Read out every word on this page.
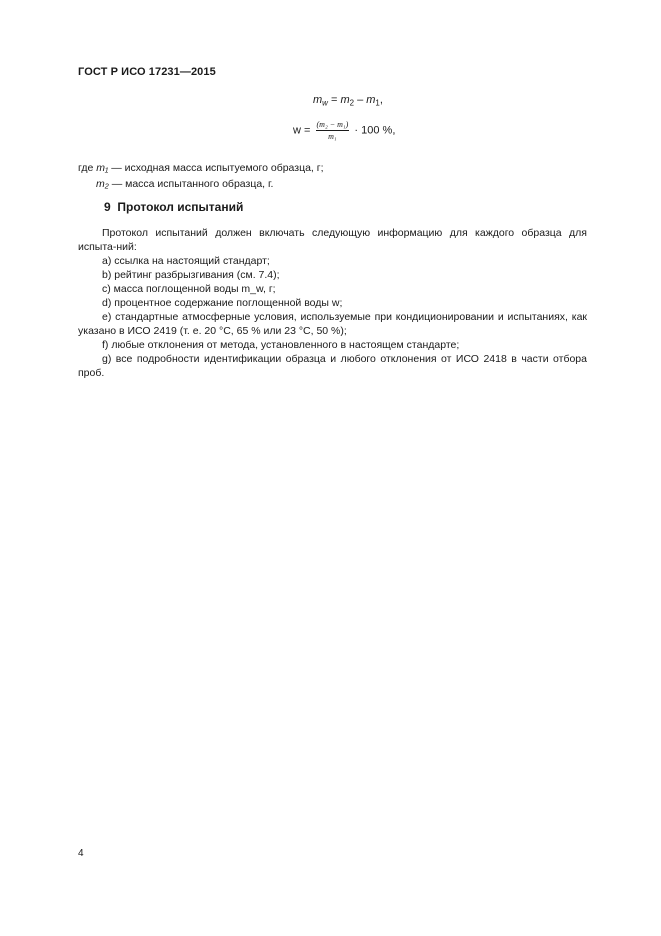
ГОСТ Р ИСО 17231—2015
$m_w = m_2 - m_1$,
$w = \frac{\text{(m₂ − m₁)}}{\text{m₁}} \cdot 100$ %,
где m₁ — исходная масса испытуемого образца, г;
m₂ — масса испытанного образца, г.
9 Протокол испытаний

Протокол испытаний должен включать следующую информацию для каждого образца для испыта-ний:

a) ссылка на настоящий стандарт;

b) рейтинг разбрызгивания (см. 7.4);

c) масса поглощенной воды m_w, г;

d) процентное содержание поглощенной воды w;

e) стандартные атмосферные условия, используемые при кондиционировании и испытаниях, как указано в ИСО 2419 (т. е. 20 °С, 65 % или 23 °С, 50 %);

f) любые отклонения от метода, установленного в настоящем стандарте;

g) все подробности идентификации образца и любого отклонения от ИСО 2418 в части отбора проб.

4
